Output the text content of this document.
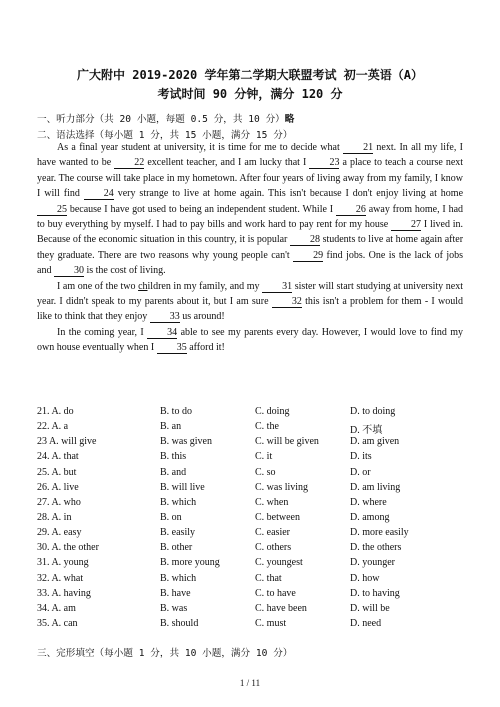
广大附中 2019-2020 学年第二学期大联盟考试 初一英语（A）
考试时间 90 分钟，满分 120 分
一、听力部分（共 20 小题，每题 0.5 分，共 10 分）略
二、语法选择（每小题 1 分，共 15 小题，满分 15 分）

As a final year student at university, it is time for me to decide what 21 next. In all my life, I have wanted to be 22 excellent teacher, and I am lucky that I 23 a place to teach a course next year. The course will take place in my hometown. After four years of living away from my family, I know I will find 24 very strange to live at home again. This isn't because I don't enjoy living at home 25 because I have got used to being an independent student. While I 26 away from home, I had to buy everything by myself. I had to pay bills and work hard to pay rent for my house 27 I lived in. Because of the economic situation in this country, it is popular 28 students to live at home again after they graduate. There are two reasons why young people can't 29 find jobs. One is the lack of jobs and 30 is the cost of living.

I am one of the two children in my family, and my 31 sister will start studying at university next year. I didn't speak to my parents about it, but I am sure 32 this isn't a problem for them - I would like to think that they enjoy 33 us around!

In the coming year, I 34 able to see my parents every day. However, I would love to find my own house eventually when I 35 afford it!

21. A. do	B. to do	C. doing	D. to doing
22. A. a	B. an	C. the	D. 不填
23 A. will give	B. was given	C. will be given	D. am given
24. A. that	B. this	C. it	D. its
25. A. but	B. and	C. so	D. or
26. A. live	B. will live	C. was living	D. am living
27. A. who	B. which	C. when	D. where
28. A. in	B. on	C. between	D. among
29. A. easy	B. easily	C. easier	D. more easily
30. A. the other	B. other	C. others	D. the others
31. A. young	B. more young	C. youngest	D. younger
32. A. what	B. which	C. that	D. how
33. A. having	B. have	C. to have	D. to having
34. A. am	B. was	C. have been	D. will be
35. A. can	B. should	C. must	D. need
三、完形填空（每小题 1 分，共 10 小题，满分 10 分）
1 / 11
